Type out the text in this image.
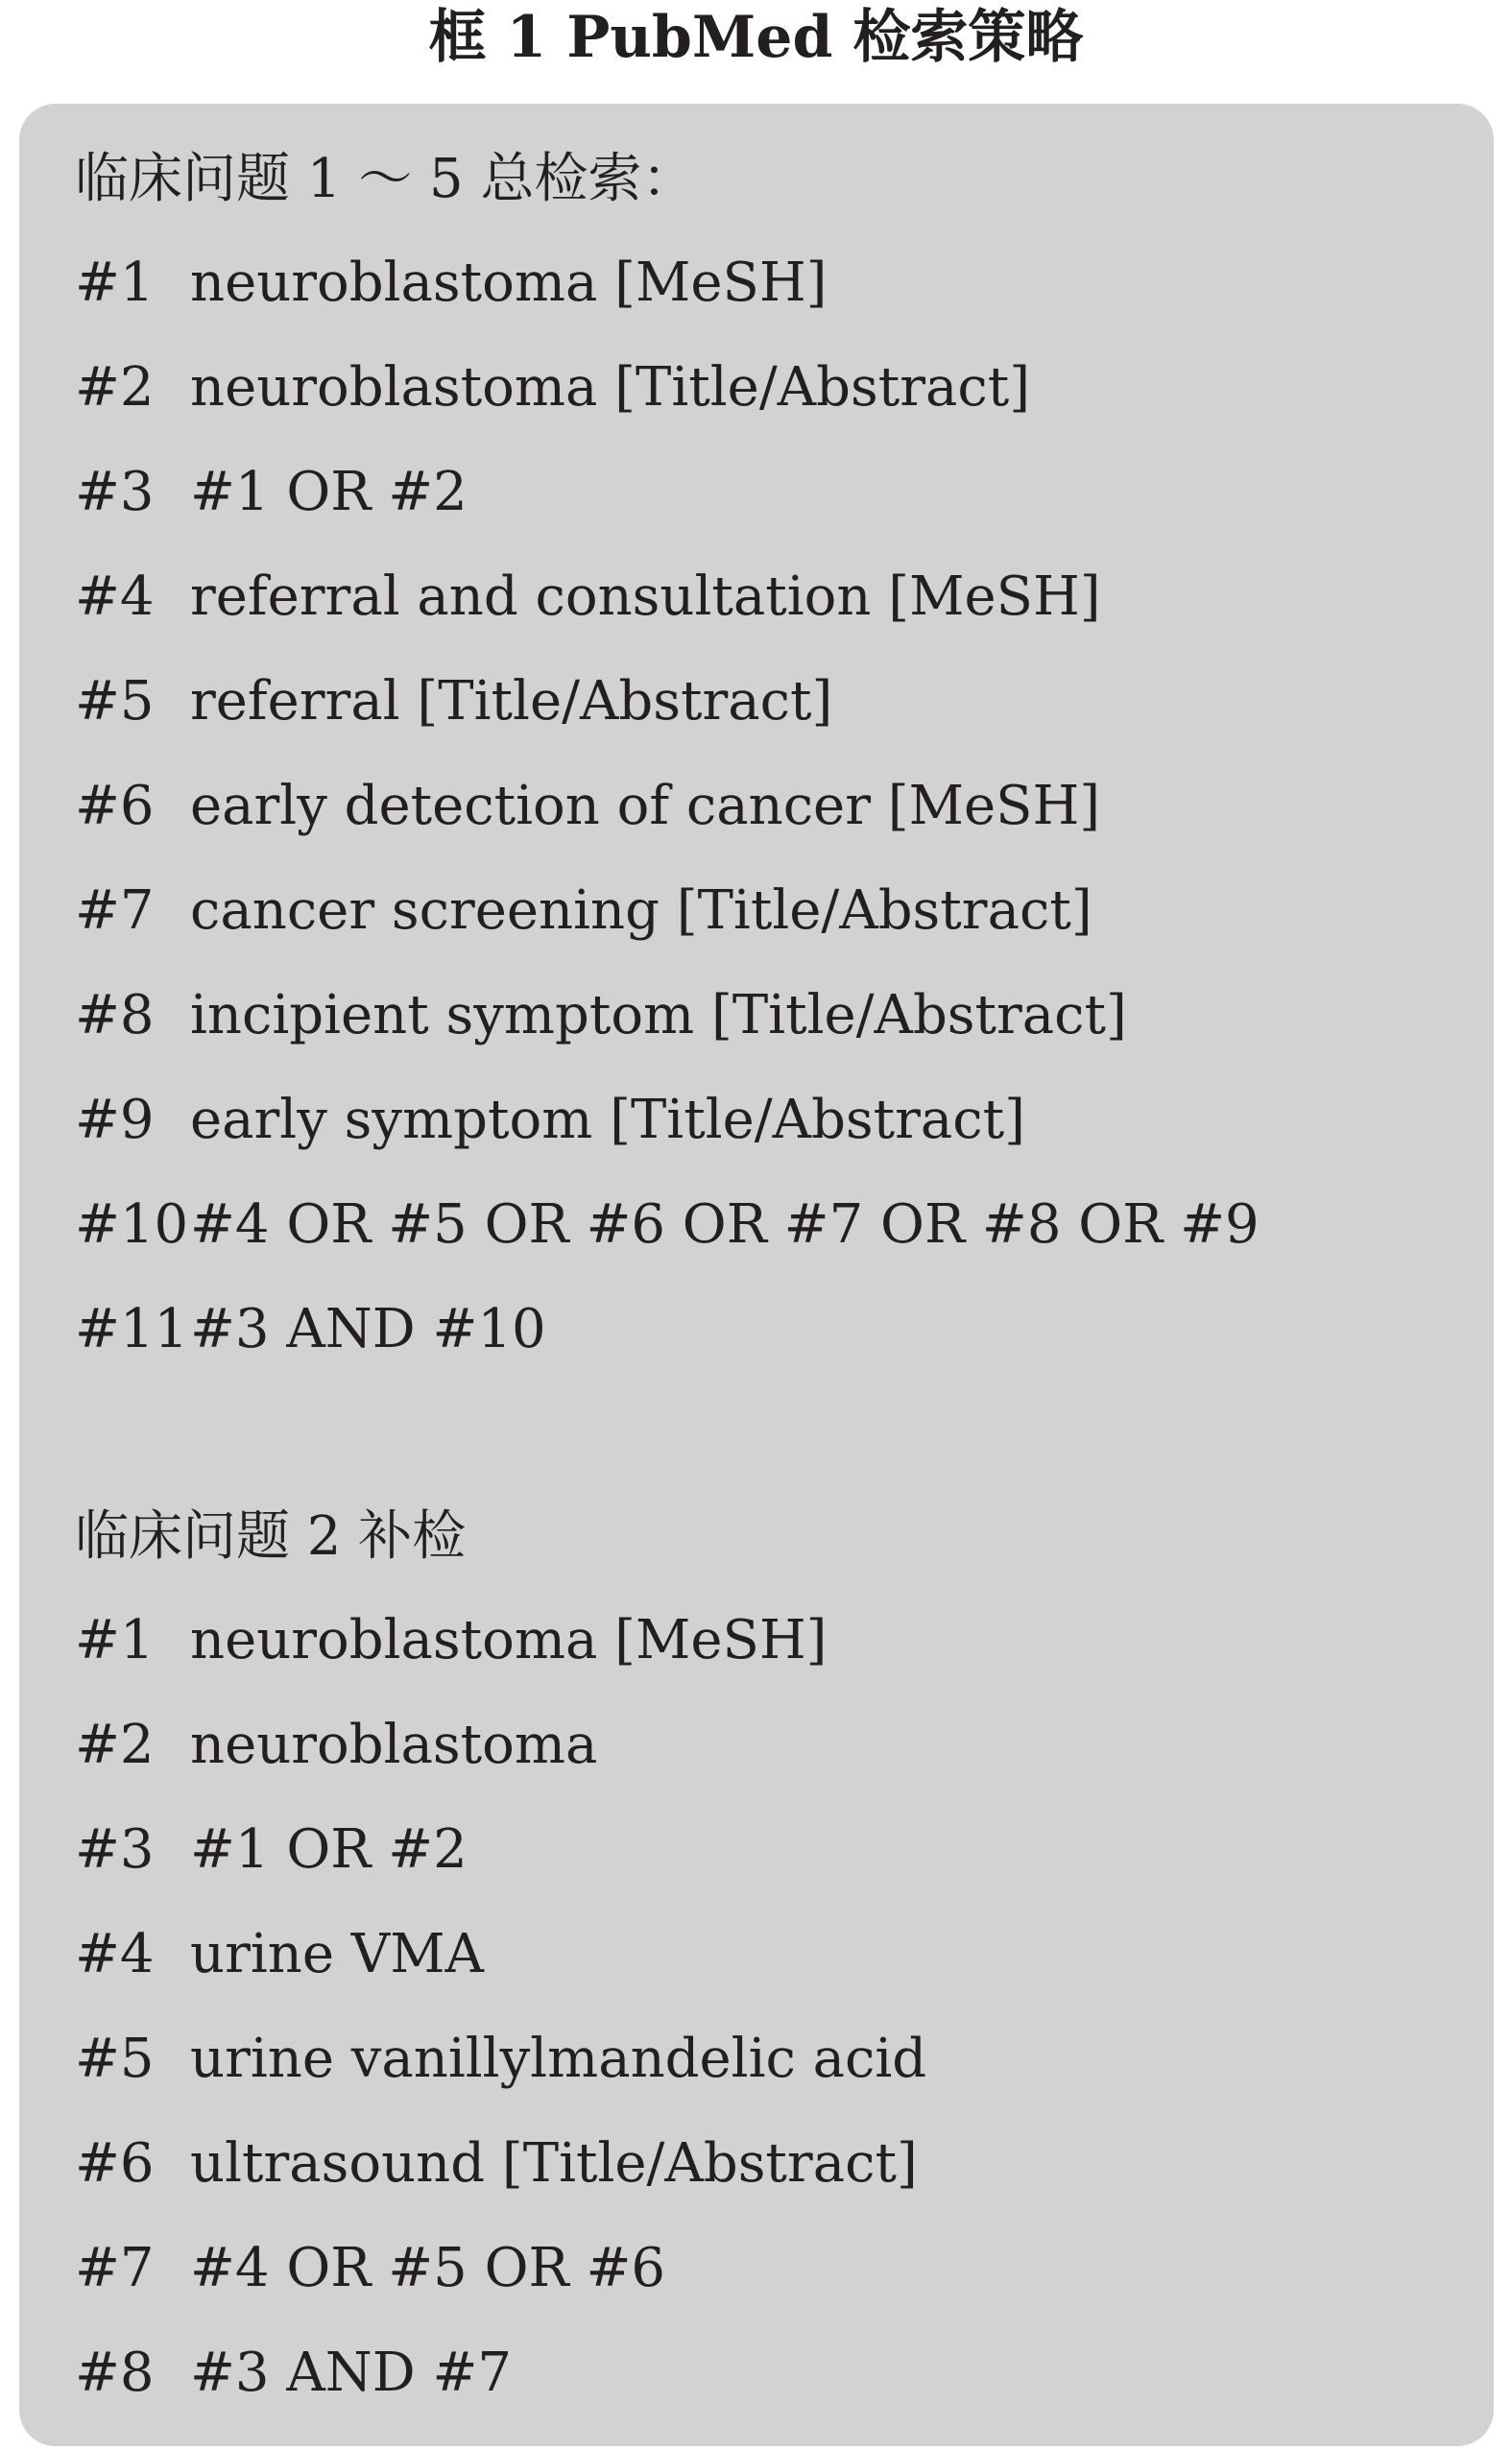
框 1 PubMed 检索策略
临床问题 1 ～ 5 总检索：
#1 neuroblastoma [MeSH]
#2 neuroblastoma [Title/Abstract]
#3 #1 OR #2
#4 referral and consultation [MeSH]
#5 referral [Title/Abstract]
#6 early detection of cancer [MeSH]
#7 cancer screening [Title/Abstract]
#8 incipient symptom [Title/Abstract]
#9 early symptom [Title/Abstract]
#10#4 OR #5 OR #6 OR #7 OR #8 OR #9
#11#3 AND #10
临床问题 2 补检
#1 neuroblastoma [MeSH]
#2 neuroblastoma
#3 #1 OR #2
#4 urine VMA
#5 urine vanillylmandelic acid
#6 ultrasound [Title/Abstract]
#7 #4 OR #5 OR #6
#8 #3 AND #7
